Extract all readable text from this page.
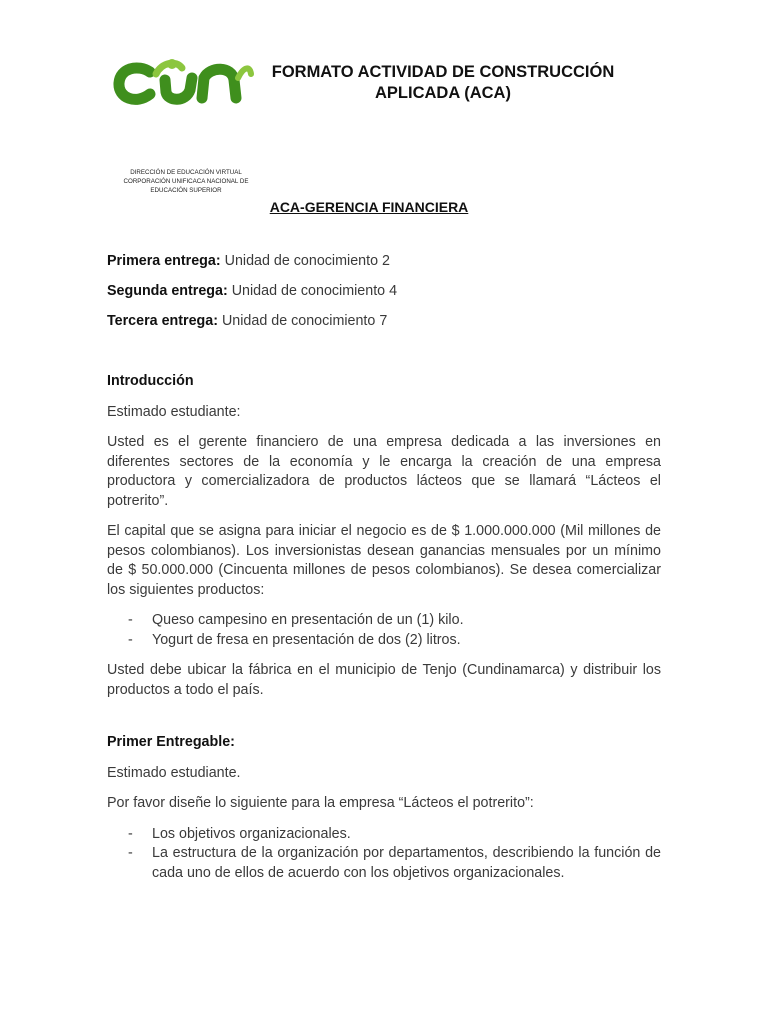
FORMATO ACTIVIDAD DE CONSTRUCCIÓN APLICADA (ACA)
DIRECCIÓN DE EDUCACIÓN VIRTUAL
CORPORACIÓN UNIFICACA NACIONAL DE
EDUCACIÓN SUPERIOR
ACA-GERENCIA FINANCIERA

Primera entrega: Unidad de conocimiento 2

Segunda entrega: Unidad de conocimiento 4

Tercera entrega: Unidad de conocimiento 7

Introducción

Estimado estudiante:

Usted es el gerente financiero de una empresa dedicada a las inversiones en diferentes sectores de la economía y le encarga la creación de una empresa productora y comercializadora de productos lácteos que se llamará “Lácteos el potrerito”.

El capital que se asigna para iniciar el negocio es de $ 1.000.000.000 (Mil millones de pesos colombianos). Los inversionistas desean ganancias mensuales por un mínimo de $ 50.000.000 (Cincuenta millones de pesos colombianos). Se desea comercializar los siguientes productos:

- Queso campesino en presentación de un (1) kilo.
- Yogurt de fresa en presentación de dos (2) litros.

Usted debe ubicar la fábrica en el municipio de Tenjo (Cundinamarca) y distribuir los productos a todo el país.

Primer Entregable:

Estimado estudiante.

Por favor diseñe lo siguiente para la empresa “Lácteos el potrerito”:

- Los objetivos organizacionales.
- La estructura de la organización por departamentos, describiendo la función de cada uno de ellos de acuerdo con los objetivos organizacionales.
